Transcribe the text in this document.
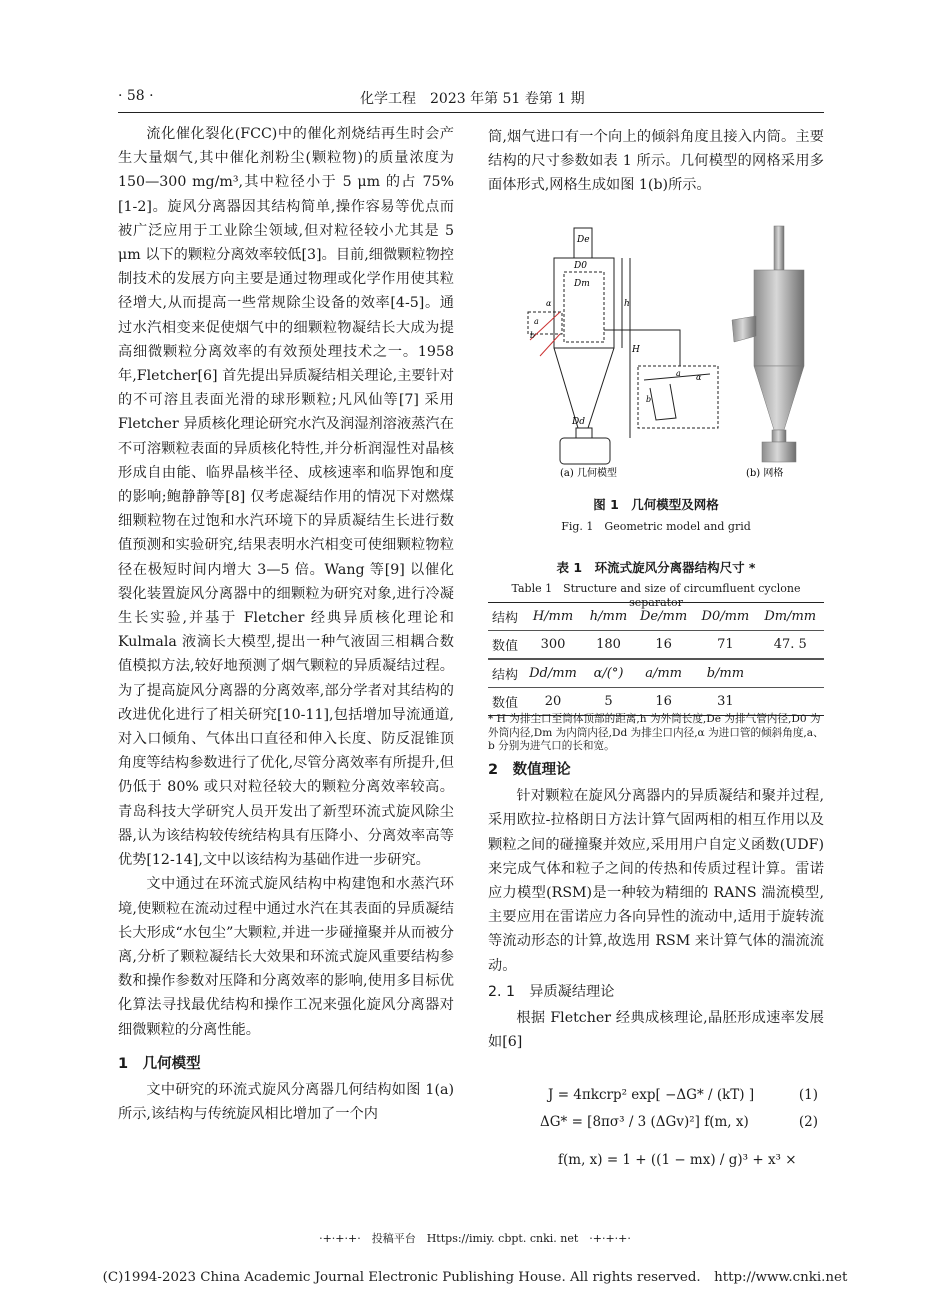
· 58 ·	化学工程　2023 年第 51 卷第 1 期

流化催化裂化(FCC)中的催化剂烧结再生时会产生大量烟气,其中催化剂粉尘(颗粒物)的质量浓度为 150—300 mg/m³,其中粒径小于 5 μm 的占 75%[1-2]。旋风分离器因其结构简单,操作容易等优点而被广泛应用于工业除尘领域,但对粒径较小尤其是 5 μm 以下的颗粒分离效率较低[3]。目前,细微颗粒物控制技术的发展方向主要是通过物理或化学作用使其粒径增大,从而提高一些常规除尘设备的效率[4-5]。通过水汽相变来促使烟气中的细颗粒物凝结长大成为提高细微颗粒分离效率的有效预处理技术之一。1958 年,Fletcher[6] 首先提出异质凝结相关理论,主要针对的不可溶且表面光滑的球形颗粒;凡风仙等[7] 采用 Fletcher 异质核化理论研究水汽及润湿剂溶液蒸汽在不可溶颗粒表面的异质核化特性,并分析润湿性对晶核形成自由能、临界晶核半径、成核速率和临界饱和度的影响;鲍静静等[8] 仅考虑凝结作用的情况下对燃煤细颗粒物在过饱和水汽环境下的异质凝结生长进行数值预测和实验研究,结果表明水汽相变可使细颗粒物粒径在极短时间内增大 3—5 倍。Wang 等[9] 以催化裂化装置旋风分离器中的细颗粒为研究对象,进行冷凝生长实验,并基于 Fletcher 经典异质核化理论和 Kulmala 液滴长大模型,提出一种气液固三相耦合数值模拟方法,较好地预测了烟气颗粒的异质凝结过程。为了提高旋风分离器的分离效率,部分学者对其结构的改进优化进行了相关研究[10-11],包括增加导流通道,对入口倾角、气体出口直径和伸入长度、防反混锥顶角度等结构参数进行了优化,尽管分离效率有所提升,但仍低于 80% 或只对粒径较大的颗粒分离效率较高。青岛科技大学研究人员开发出了新型环流式旋风除尘器,认为该结构较传统结构具有压降小、分离效率高等优势[12-14],文中以该结构为基础作进一步研究。

文中通过在环流式旋风结构中构建饱和水蒸汽环境,使颗粒在流动过程中通过水汽在其表面的异质凝结长大形成“水包尘”大颗粒,并进一步碰撞聚并从而被分离,分析了颗粒凝结长大效果和环流式旋风重要结构参数和操作参数对压降和分离效率的影响,使用多目标优化算法寻找最优结构和操作工况来强化旋风分离器对细微颗粒的分离性能。

1　几何模型

文中研究的环流式旋风分离器几何结构如图 1(a)所示,该结构与传统旋风相比增加了一个内

筒,烟气进口有一个向上的倾斜角度且接入内筒。主要结构的尺寸参数如表 1 所示。几何模型的网格采用多面体形式,网格生成如图 1(b)所示。

De
D0
Dm
Dd
h
H
α
a
b
α
a
b
(a) 几何模型	(b) 网格
图 1　几何模型及网格
Fig. 1　Geometric model and grid
表 1　环流式旋风分离器结构尺寸 *
Table 1　Structure and size of circumfluent cyclone separator
结构	H/mm	h/mm	De/mm	D0/mm	Dm/mm
数值	300	180	16	71	47. 5
结构	Dd/mm	α/(°)	a/mm	b/mm	
数值	20	5	16	31	
* H 为排尘口至筒体顶部的距离,h 为外筒长度,De 为排气管内径,D0 为外筒内径,Dm 为内筒内径,Dd 为排尘口内径,α 为进口管的倾斜角度,a、b 分别为进气口的长和宽。
2　数值理论

针对颗粒在旋风分离器内的异质凝结和聚并过程,采用欧拉-拉格朗日方法计算气固两相的相互作用以及颗粒之间的碰撞聚并效应,采用用户自定义函数(UDF)来完成气体和粒子之间的传热和传质过程计算。雷诺应力模型(RSM)是一种较为精细的 RANS 湍流模型,主要应用在雷诺应力各向异性的流动中,适用于旋转流等流动形态的计算,故选用 RSM 来计算气体的湍流流动。

2. 1　异质凝结理论

根据 Fletcher 经典成核理论,晶胚形成速率发展如[6]

J = 4πkcrp² exp[ −ΔG* / (kT) ]	(1)
ΔG* = [8πσ³ / 3 (ΔGv)²] f(m, x)	(2)
f(m, x) = 1 + ((1 − mx) / g)³ + x³ ×
·+·+·+·　投稿平台　Https://imiy. cbpt. cnki. net　·+·+·+·
(C)1994-2023 China Academic Journal Electronic Publishing House. All rights reserved.　http://www.cnki.net
